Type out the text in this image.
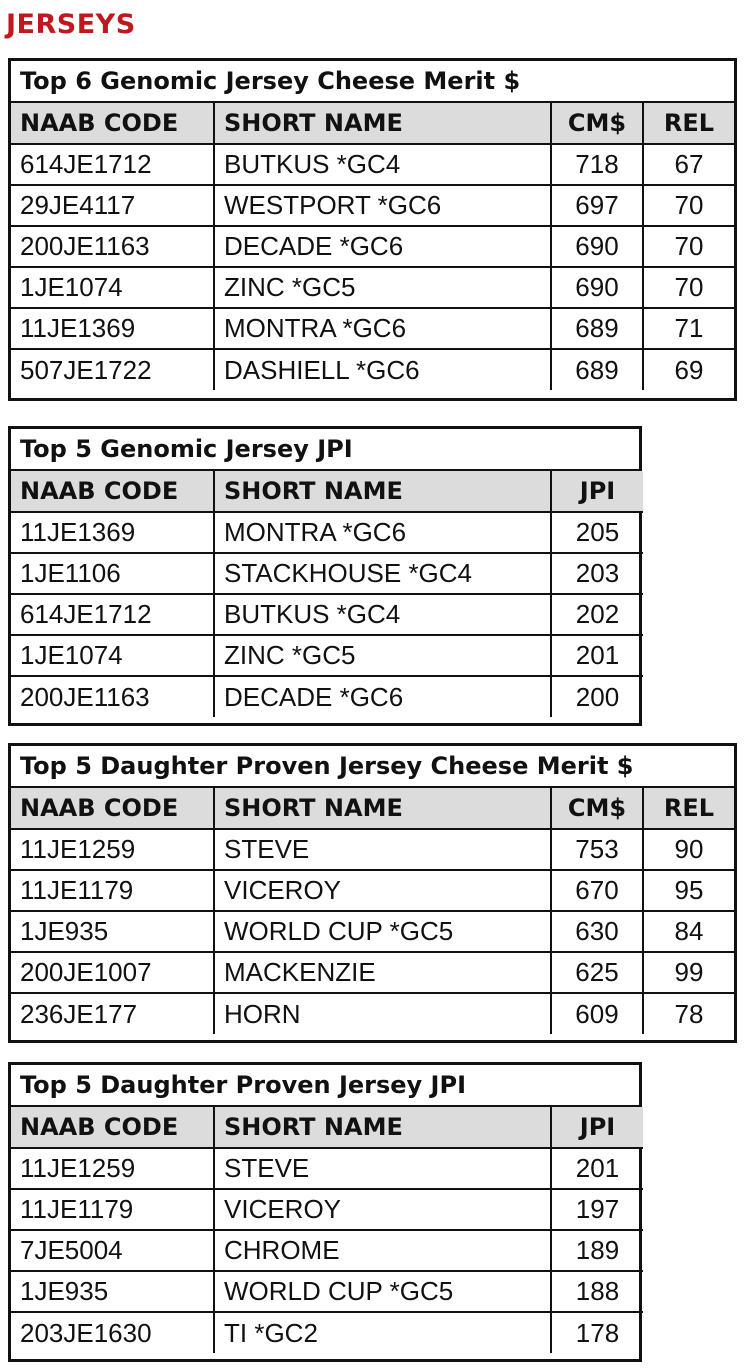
JERSEYS
Top 6 Genomic Jersey Cheese Merit $
NAAB CODE	SHORT NAME	CM$	REL
614JE1712	BUTKUS *GC4	718	67
29JE4117	WESTPORT *GC6	697	70
200JE1163	DECADE *GC6	690	70
1JE1074	ZINC *GC5	690	70
11JE1369	MONTRA *GC6	689	71
507JE1722	DASHIELL *GC6	689	69
Top 5 Genomic Jersey JPI
NAAB CODE	SHORT NAME	JPI
11JE1369	MONTRA *GC6	205
1JE1106	STACKHOUSE *GC4	203
614JE1712	BUTKUS *GC4	202
1JE1074	ZINC *GC5	201
200JE1163	DECADE *GC6	200
Top 5 Daughter Proven Jersey Cheese Merit $
NAAB CODE	SHORT NAME	CM$	REL
11JE1259	STEVE	753	90
11JE1179	VICEROY	670	95
1JE935	WORLD CUP *GC5	630	84
200JE1007	MACKENZIE	625	99
236JE177	HORN	609	78
Top 5 Daughter Proven Jersey JPI
NAAB CODE	SHORT NAME	JPI
11JE1259	STEVE	201
11JE1179	VICEROY	197
7JE5004	CHROME	189
1JE935	WORLD CUP *GC5	188
203JE1630	TI *GC2	178
